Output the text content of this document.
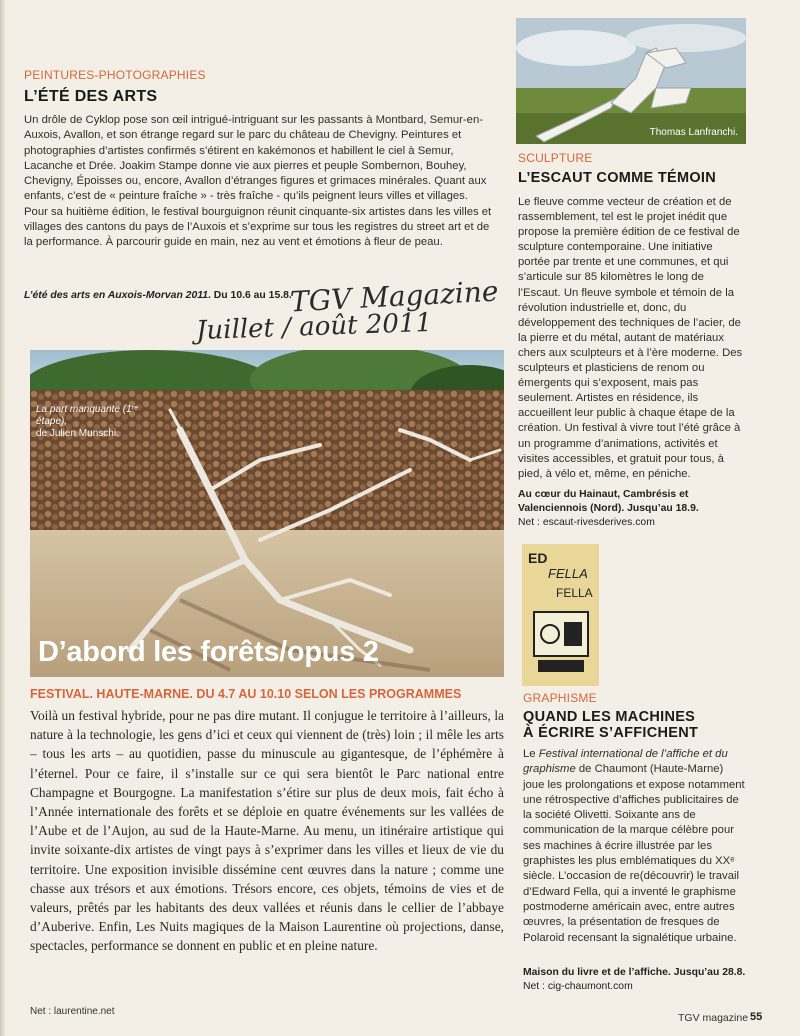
PEINTURES-PHOTOGRAPHIES
L’ÉTÉ DES ARTS
Un drôle de Cyklop pose son œil intrigué-intriguant sur les passants à Montbard, Semur-en-Auxois, Avallon, et son étrange regard sur le parc du château de Chevigny. Peintures et photographies d’artistes confirmés s’étirent en kakémonos et habillent le ciel à Semur, Lacanche et Drée. Joakim Stampe donne vie aux pierres et peuple Sombernon, Bouhey, Chevigny, Époisses ou, encore, Avallon d’étranges figures et grimaces minérales. Quant aux enfants, c’est de « peinture fraîche » - très fraîche - qu’ils peignent leurs villes et villages. Pour sa huitième édition, le festival bourguignon réunit cinquante-six artistes dans les villes et villages des cantons du pays de l’Auxois et s’exprime sur tous les registres du street art et de la performance. À parcourir guide en main, nez au vent et émotions à fleur de peau.
L’été des arts en Auxois-Morvan 2011. Du 10.6 au 15.8.
TGV Magazine
Juillet / août 2011
La part manquante (1ʳᵉ étape),
de Julien Munschi.
D’abord les forêts/opus 2
FESTIVAL. HAUTE-MARNE. DU 4.7 AU 10.10 SELON LES PROGRAMMES
Voilà un festival hybride, pour ne pas dire mutant. Il conjugue le territoire à l’ailleurs, la nature à la technologie, les gens d’ici et ceux qui viennent de (très) loin ; il mêle les arts – tous les arts – au quotidien, passe du minuscule au gigantesque, de l’éphémère à l’éternel. Pour ce faire, il s’installe sur ce qui sera bientôt le Parc national entre Champagne et Bourgogne. La manifestation s’étire sur plus de deux mois, fait écho à l’Année internationale des forêts et se déploie en quatre événements sur les vallées de l’Aube et de l’Aujon, au sud de la Haute-Marne. Au menu, un itinéraire artistique qui invite soixante-dix artistes de vingt pays à s’exprimer dans les villes et lieux de vie du territoire. Une exposition invisible dissémine cent œuvres dans la nature ; comme une chasse aux trésors et aux émotions. Trésors encore, ces objets, témoins de vies et de valeurs, prêtés par les habitants des deux vallées et réunis dans le cellier de l’abbaye d’Auberive. Enfin, Les Nuits magiques de la Maison Laurentine où projections, danse, spectacles, performance se donnent en public et en pleine nature.
Net : laurentine.net
Thomas Lanfranchi.
SCULPTURE
L’ESCAUT COMME TÉMOIN
Le fleuve comme vecteur de création et de rassemblement, tel est le projet inédit que propose la première édition de ce festival de sculpture contemporaine. Une initiative portée par trente et une communes, et qui s’articule sur 85 kilomètres le long de l’Escaut. Un fleuve symbole et témoin de la révolution industrielle et, donc, du développement des techniques de l’acier, de la pierre et du métal, autant de matériaux chers aux sculpteurs et à l’ère moderne. Des sculpteurs et plasticiens de renom ou émergents qui s’exposent, mais pas seulement. Artistes en résidence, ils accueillent leur public à chaque étape de la création. Un festival à vivre tout l’été grâce à un programme d’animations, activités et visites accessibles, et gratuit pour tous, à pied, à vélo et, même, en péniche.
Au cœur du Hainaut, Cambrésis et Valenciennois (Nord). Jusqu’au 18.9.
Net : escaut-rivesderives.com
ED
FELLA
FELLA
GRAPHISME
QUAND LES MACHINES
À ÉCRIRE S’AFFICHENT
Le Festival international de l’affiche et du graphisme de Chaumont (Haute-Marne) joue les prolongations et expose notamment une rétrospective d’affiches publicitaires de la société Olivetti. Soixante ans de communication de la marque célèbre pour ses machines à écrire illustrée par les graphistes les plus emblématiques du XXᵉ siècle. L’occasion de re(découvrir) le travail d’Edward Fella, qui a inventé le graphisme postmoderne américain avec, entre autres œuvres, la présentation de fresques de Polaroid recensant la signalétique urbaine.
Maison du livre et de l’affiche. Jusqu’au 28.8.
Net : cig-chaumont.com
TGV magazine 55
